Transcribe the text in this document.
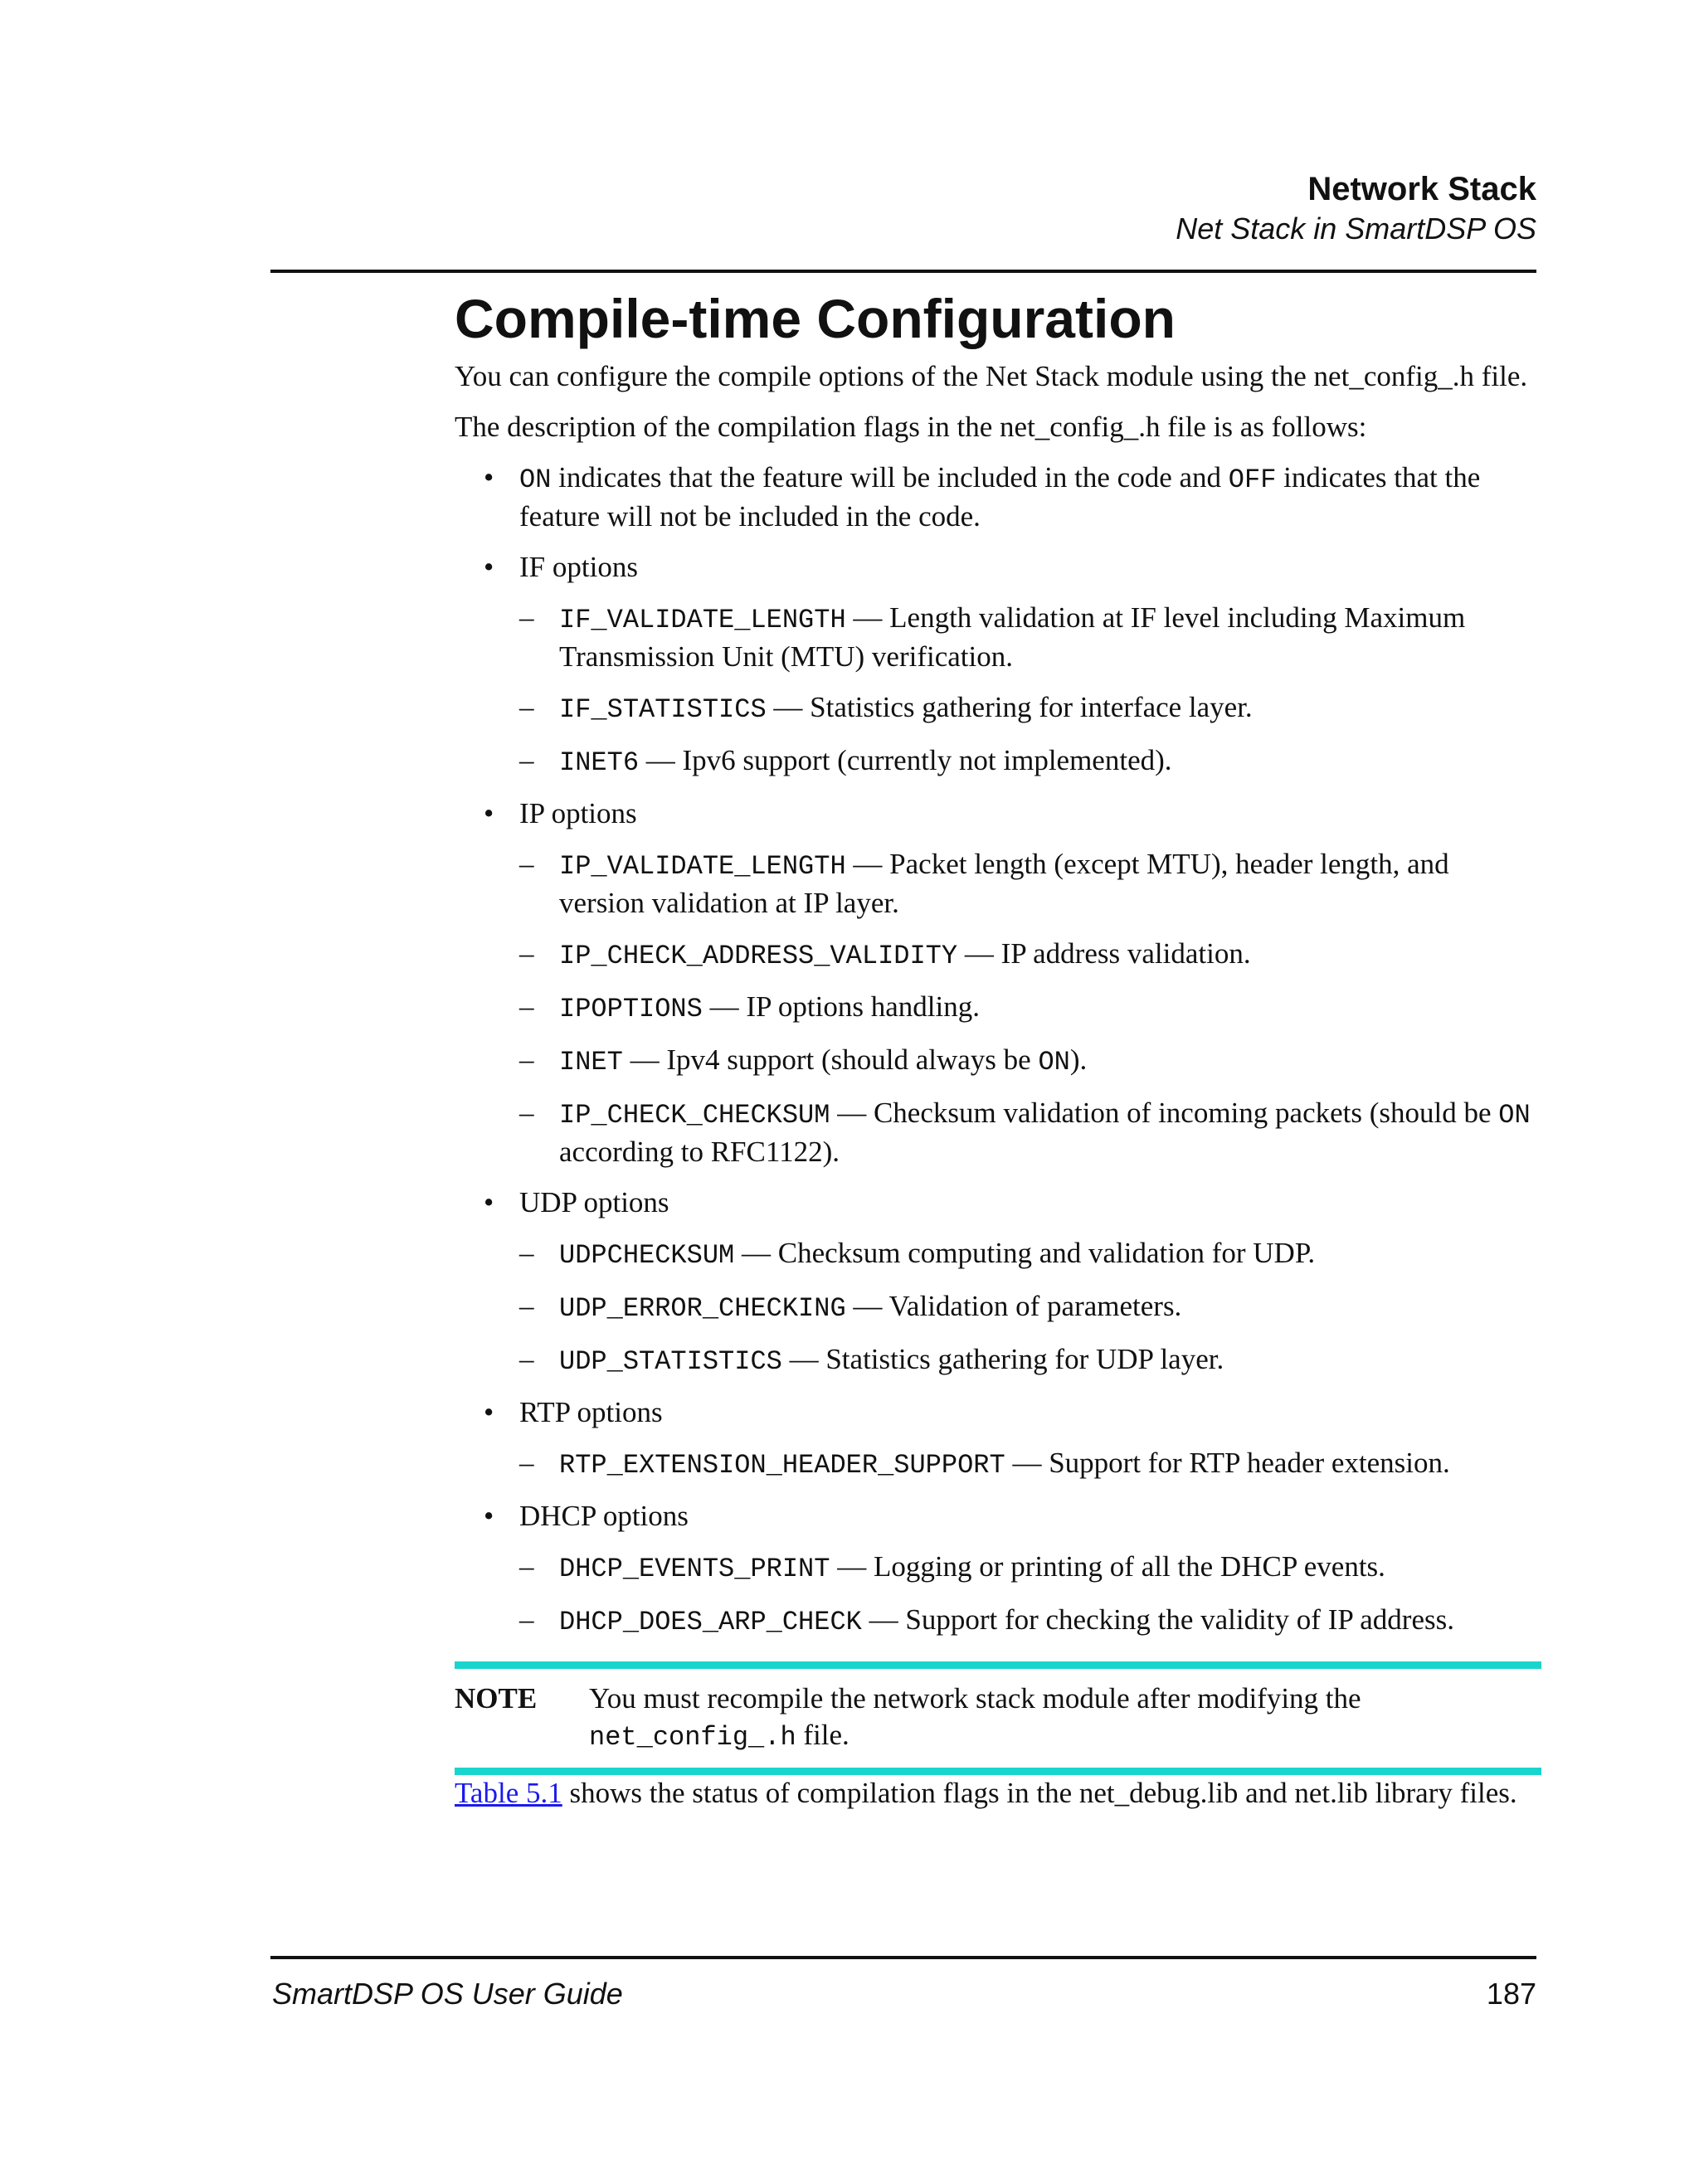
Network Stack
Net Stack in SmartDSP OS
Compile-time Configuration

You can configure the compile options of the Net Stack module using the net_config_.h file.

The description of the compilation flags in the net_config_.h file is as follows:

• ON indicates that the feature will be included in the code and OFF indicates that the feature will not be included in the code.
• IF options
– IF_VALIDATE_LENGTH — Length validation at IF level including Maximum Transmission Unit (MTU) verification.
– IF_STATISTICS — Statistics gathering for interface layer.
– INET6 — Ipv6 support (currently not implemented).
• IP options
– IP_VALIDATE_LENGTH — Packet length (except MTU), header length, and version validation at IP layer.
– IP_CHECK_ADDRESS_VALIDITY — IP address validation.
– IPOPTIONS — IP options handling.
– INET — Ipv4 support (should always be ON).
– IP_CHECK_CHECKSUM — Checksum validation of incoming packets (should be ON according to RFC1122).
• UDP options
– UDPCHECKSUM — Checksum computing and validation for UDP.
– UDP_ERROR_CHECKING — Validation of parameters.
– UDP_STATISTICS — Statistics gathering for UDP layer.
• RTP options
– RTP_EXTENSION_HEADER_SUPPORT — Support for RTP header extension.
• DHCP options
– DHCP_EVENTS_PRINT — Logging or printing of all the DHCP events.
– DHCP_DOES_ARP_CHECK — Support for checking the validity of IP address.
NOTE You must recompile the network stack module after modifying the net_config_.h file.

Table 5.1 shows the status of compilation flags in the net_debug.lib and net.lib library files.

SmartDSP OS User Guide	187
